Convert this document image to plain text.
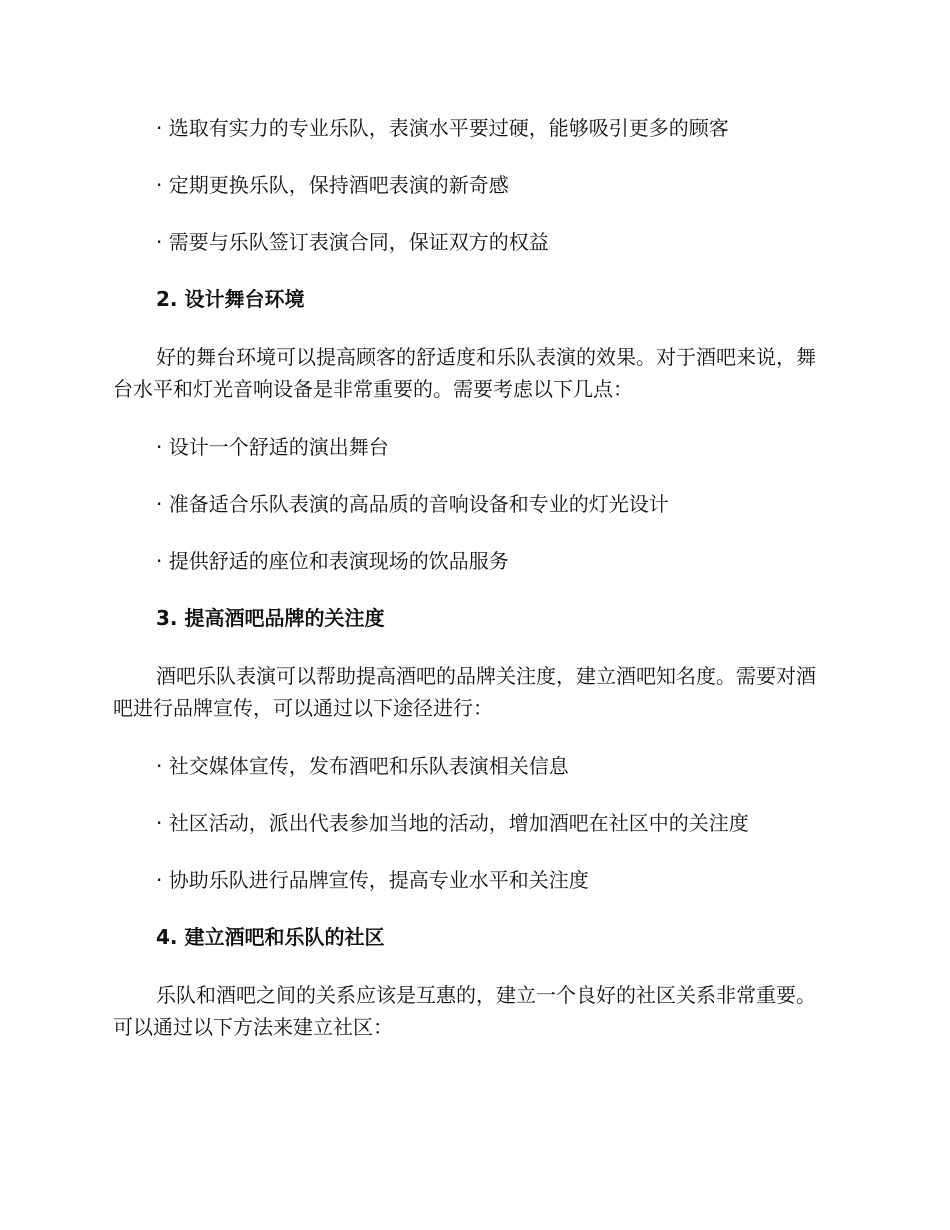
· 选取有实力的专业乐队，表演水平要过硬，能够吸引更多的顾客
· 定期更换乐队，保持酒吧表演的新奇感
· 需要与乐队签订表演合同，保证双方的权益
2. 设计舞台环境
好的舞台环境可以提高顾客的舒适度和乐队表演的效果。对于酒吧来说，舞台水平和灯光音响设备是非常重要的。需要考虑以下几点：
· 设计一个舒适的演出舞台
· 准备适合乐队表演的高品质的音响设备和专业的灯光设计
· 提供舒适的座位和表演现场的饮品服务
3. 提高酒吧品牌的关注度
酒吧乐队表演可以帮助提高酒吧的品牌关注度，建立酒吧知名度。需要对酒吧进行品牌宣传，可以通过以下途径进行：
· 社交媒体宣传，发布酒吧和乐队表演相关信息
· 社区活动，派出代表参加当地的活动，增加酒吧在社区中的关注度
· 协助乐队进行品牌宣传，提高专业水平和关注度
4. 建立酒吧和乐队的社区
乐队和酒吧之间的关系应该是互惠的，建立一个良好的社区关系非常重要。可以通过以下方法来建立社区：
